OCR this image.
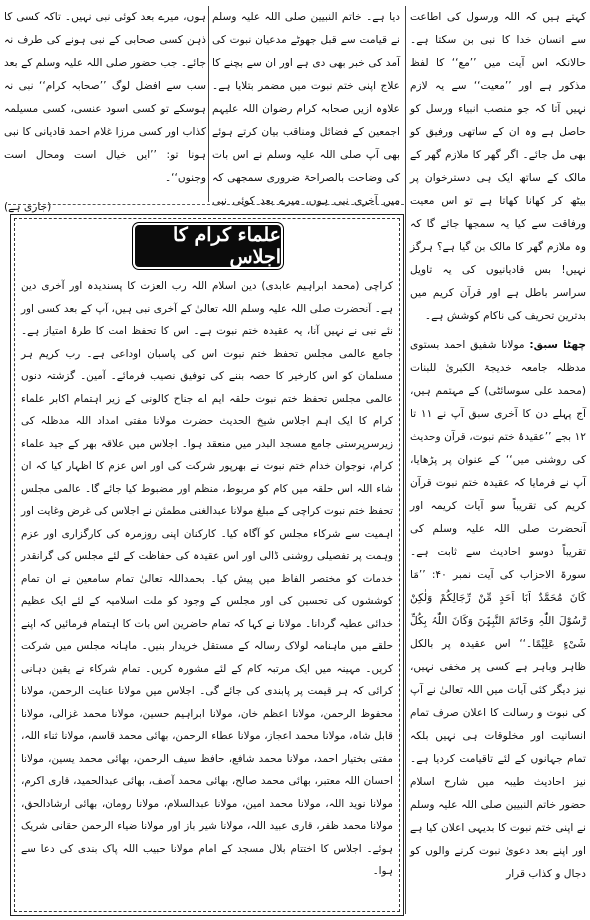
کہتے ہیں کہ اللہ ورسول کی اطاعت سے انسان خدا کا نبی بن سکتا ہے۔ حالانکہ اس آیت میں ’’مع‘‘ کا لفظ مذکور ہے اور ’’معیت‘‘ سے یہ لازم نہیں آتا کہ جو منصب انبیاء ورسل کو حاصل ہے وہ ان کے ساتھی ورفیق کو بھی مل جائے۔ اگر گھر کا ملازم گھر کے مالک کے ساتھ ایک ہی دسترخوان پر بیٹھ کر کھانا کھاتا ہے تو اس معیت ورفاقت سے کیا یہ سمجھا جائے گا کہ وہ ملازم گھر کا مالک بن گیا ہے؟ ہرگز نہیں! بس قادیانیوں کی یہ تاویل سراسر باطل ہے اور قرآن کریم میں بدترین تحریف کی ناکام کوشش ہے۔

چھٹا سبق: مولانا شفیق احمد بستوی مدظلہ جامعہ خدیجۃ الکبریٰ للبنات (محمد علی سوسائٹی) کے مہتمم ہیں، آج پہلے دن کا آخری سبق آپ نے ۱۱ تا ۱۲ بجے ’’عقیدۂ ختم نبوت، قرآن وحدیث کی روشنی میں‘‘ کے عنوان پر پڑھایا، آپ نے فرمایا کہ عقیدہ ختم نبوت قرآن کریم کی تقریباً سو آیات کریمہ اور آنحضرت صلی اللہ علیہ وسلم کی تقریباً دوسو احادیث سے ثابت ہے۔ سورۃ الاحزاب کی آیت نمبر ۴۰: ’’مَا کَانَ مُحَمَّدٌ اَبَا اَحَدٍ مِّنْ رِّجَالِکُمْ وَلٰکِنْ رَّسُوْلَ اللّٰہِ وَخَاتَمَ النَّبِیّٖنَ وَکَانَ اللّٰہُ بِکُلِّ شَیْءٍ عَلِیْمًا۔‘‘ اس عقیدہ پر بالکل ظاہر وباہر ہے کسی پر مخفی نہیں، نیز دیگر کئی آیات میں اللہ تعالیٰ نے آپ کی نبوت و رسالت کا اعلان صرف تمام انسانیت اور مخلوقات ہی نہیں بلکہ تمام جہانوں کے لئے تاقیامت کردیا ہے۔ نیز احادیث طیبہ میں شارح اسلام حضور خاتم النبیین صلی اللہ علیہ وسلم نے اپنی ختم نبوت کا بدیہی اعلان کیا ہے اور اپنے بعد دعویٰ نبوت کرنے والوں کو دجال و کذاب قرار

دیا ہے۔ خاتم النبیین صلی اللہ علیہ وسلم نے قیامت سے قبل جھوٹے مدعیان نبوت کی آمد کی خبر بھی دی ہے اور ان سے بچنے کا علاج اپنی ختم نبوت میں مضمر بتلایا ہے۔ علاوہ ازیں صحابہ کرام رضوان اللہ علیہم اجمعین کے فضائل ومناقب بیان کرتے ہوئے بھی آپ صلی اللہ علیہ وسلم نے اس بات کی وضاحت بالصراحۃ ضروری سمجھی کہ میں آخری نبی ہوں، میرے بعد کوئی نبی

ہوں، میرے بعد کوئی نبی نہیں۔ تاکہ کسی کا ذہن کسی صحابی کے نبی ہونے کی طرف نہ جائے۔ جب حضور صلی اللہ علیہ وسلم کے بعد سب سے افضل لوگ ’’صحابہ کرام‘‘ نبی نہ ہوسکے تو کسی اسود عنسی، کسی مسیلمہ کذاب اور کسی مرزا غلام احمد قادیانی کا نبی ہونا تو: ’’ایں خیال است ومحال است وجنوں‘‘۔

(جاری ہے)
علماء کرام کا اجلاس

کراچی (محمد ابراہیم عابدی) دین اسلام اللہ رب العزت کا پسندیدہ اور آخری دین ہے۔ آنحضرت صلی اللہ علیہ وسلم اللہ تعالیٰ کے آخری نبی ہیں، آپ کے بعد کسی اور نئے نبی نے نہیں آنا، یہ عقیدہ ختم نبوت ہے۔ اس کا تحفظ امت کا طرۂ امتیاز ہے۔ جامع عالمی مجلس تحفظ ختم نبوت اس کی پاسبان اوداعی ہے۔ رب کریم ہر مسلمان کو اس کارخیر کا حصہ بننے کی توفیق نصیب فرمائے۔ آمین۔ گزشتہ دنوں عالمی مجلس تحفظ ختم نبوت حلقہ ایم اے جناح کالونی کے زیر اہتمام اکابر علماء کرام کا ایک اہم اجلاس شیخ الحدیث حضرت مولانا مفتی امداد اللہ مدظلہ کی زیرسرپرستی جامع مسجد البدر میں منعقد ہوا۔ اجلاس میں علاقہ بھر کے جید علماء کرام، نوجوان خدام ختم نبوت نے بھرپور شرکت کی اور اس عزم کا اظہار کیا کہ ان شاء اللہ اس حلقہ میں کام کو مربوط، منظم اور مضبوط کیا جائے گا۔ عالمی مجلس تحفظ ختم نبوت کراچی کے مبلغ مولانا عبدالغنی مطمئن نے اجلاس کی غرض وغایت اور اہمیت سے شرکاء مجلس کو آگاہ کیا۔ کارکنان اپنی روزمرہ کی کارگزاری اور عزم وہمت پر تفصیلی روشنی ڈالی اور اس عقیدہ کی حفاظت کے لئے مجلس کی گرانقدر خدمات کو مختصر الفاظ میں پیش کیا۔ بحمداللہ تعالیٰ تمام سامعین نے ان تمام کوششوں کی تحسین کی اور مجلس کے وجود کو ملت اسلامیہ کے لئے ایک عظیم خدائی عطیہ گردانا۔ مولانا نے کہا کہ تمام حاضرین اس بات کا اہتمام فرمائیں کہ اپنے حلقے میں ماہنامہ لولاک رسالہ کے مستقل خریدار بنیں۔ ماہانہ مجلس میں شرکت کریں۔ مہینہ میں ایک مرتبہ کام کے لئے مشورہ کریں۔ تمام شرکاء نے یقین دہانی کرائی کہ ہر قیمت پر پابندی کی جائے گی۔ اجلاس میں مولانا عنایت الرحمن، مولانا محفوظ الرحمن، مولانا اعظم خان، مولانا ابراہیم حسین، مولانا محمد غزالی، مولانا قابل شاہ، مولانا محمد اعجاز، مولانا عطاء الرحمن، بھائی محمد قاسم، مولانا ثناء اللہ، مفتی بختیار احمد، مولانا محمد شافع، حافظ سیف الرحمن، بھائی محمد یسین، مولانا احسان اللہ معتبر، بھائی محمد صالح، بھائی محمد آصف، بھائی عبدالحمید، قاری اکرم، مولانا نوید اللہ، مولانا محمد امین، مولانا عبدالسلام، مولانا رومان، بھائی ارشادالحق، مولانا محمد ظفر، قاری عبید اللہ، مولانا شیر باز اور مولانا ضیاء الرحمن حقانی شریک ہوئے۔ اجلاس کا اختتام بلال مسجد کے امام مولانا حبیب اللہ پاک بندی کی دعا سے ہوا۔
